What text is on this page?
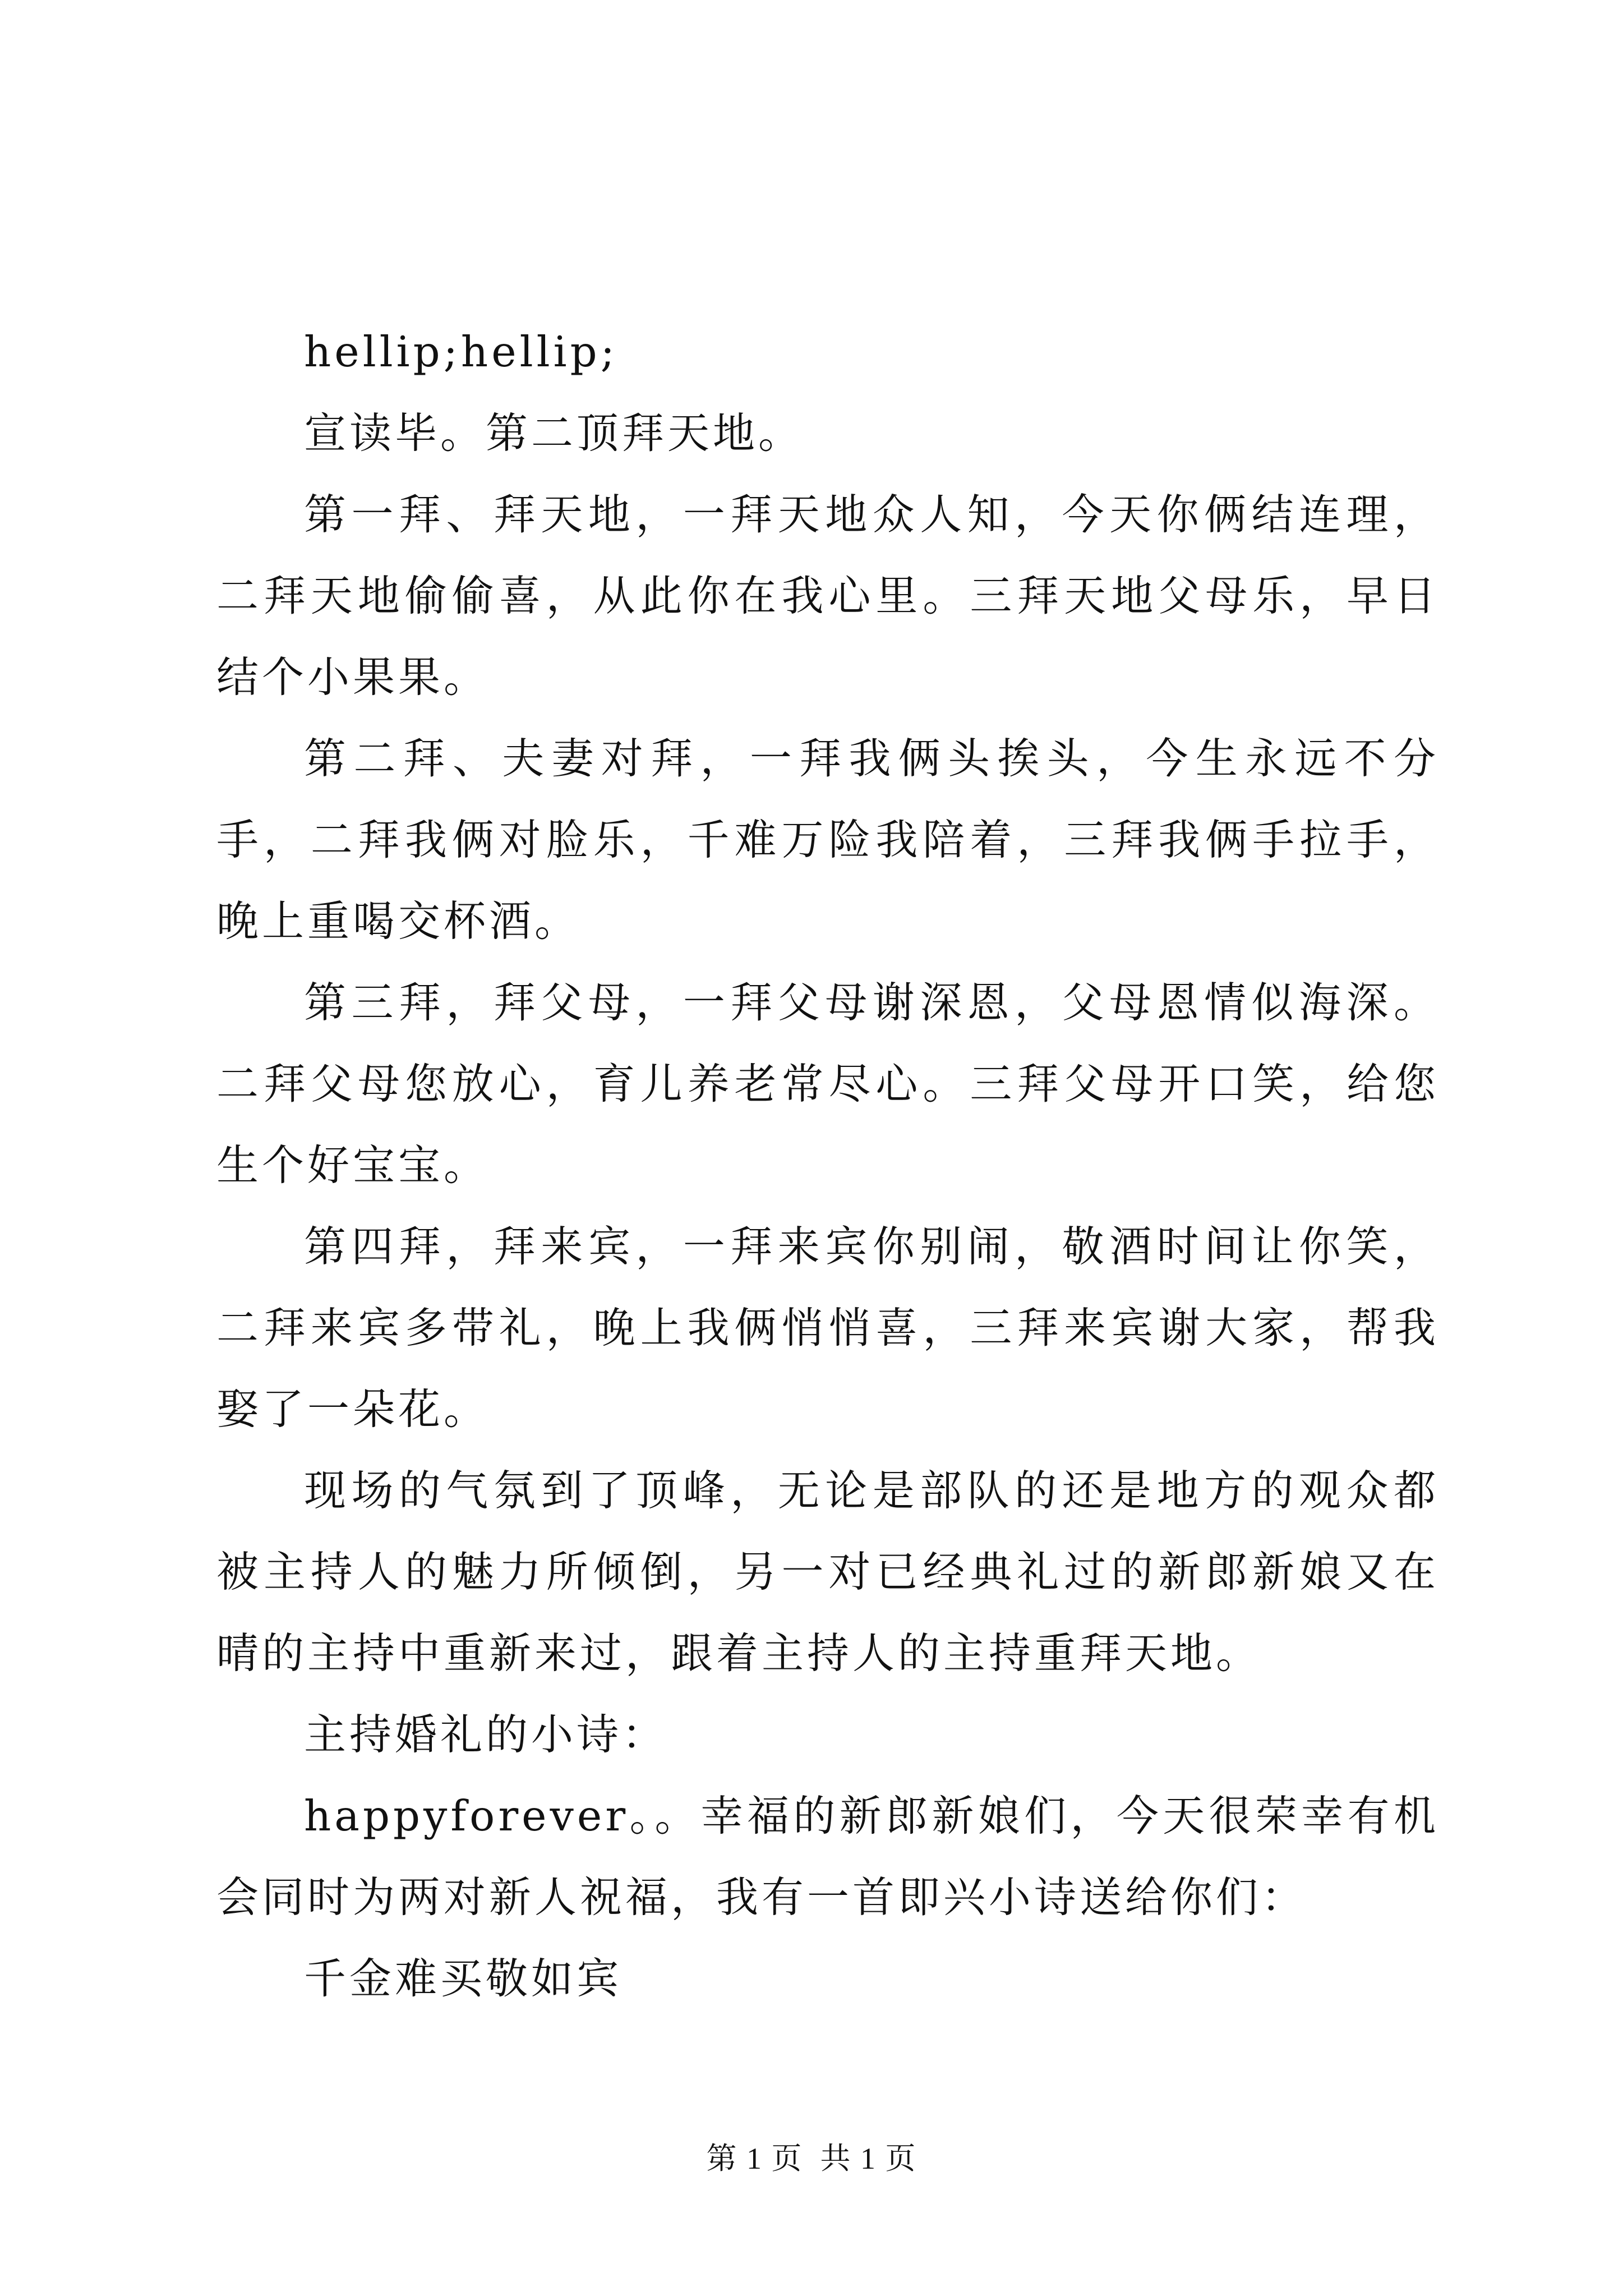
hellip;hellip;

宣读毕。第二顶拜天地。

第一拜、拜天地，一拜天地众人知，今天你俩结连理，二拜天地偷偷喜，从此你在我心里。三拜天地父母乐，早日结个小果果。

第二拜、夫妻对拜，一拜我俩头挨头，今生永远不分手，二拜我俩对脸乐，千难万险我陪着，三拜我俩手拉手，晚上重喝交杯酒。

第三拜，拜父母，一拜父母谢深恩，父母恩情似海深。二拜父母您放心，育儿养老常尽心。三拜父母开口笑，给您生个好宝宝。

第四拜，拜来宾，一拜来宾你别闹，敬酒时间让你笑，二拜来宾多带礼，晚上我俩悄悄喜，三拜来宾谢大家，帮我娶了一朵花。

现场的气氛到了顶峰，无论是部队的还是地方的观众都被主持人的魅力所倾倒，另一对已经典礼过的新郎新娘又在晴的主持中重新来过，跟着主持人的主持重拜天地。

主持婚礼的小诗：

happyforever。。幸福的新郎新娘们，今天很荣幸有机会同时为两对新人祝福，我有一首即兴小诗送给你们：

千金难买敬如宾

第 1 页  共 1 页
